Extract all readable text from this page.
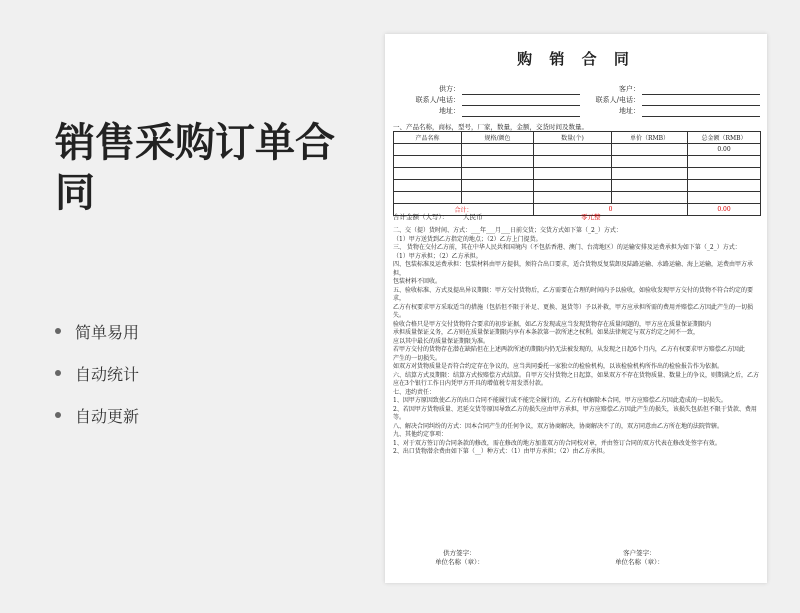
销售采购订单合同
简单易用
自动统计
自动更新
购 销 合 同
供方：
联系人/电话：
地址：
客户：
联系人/电话：
地址：
一、产品名称，商标，型号，厂家，数量，金额，交货时间及数量。
产品名称	规格/颜色	数量(个)	单价（RMB）	总金额（RMB）
				0.00

合计：		0		0.00
合计金额（大写）：	人民币	零元整

二、交（提）货时间、方式：___年___月___日前交货；交货方式如下第（_2_）方式：

（1）甲方送货到乙方指定的地点；（2）乙方上门提货。

三、 货物在交付乙方前，其在中华人民共和国境内（不包括香港、澳门、台湾地区）的运输安排及运费承担为如下第（_2_）方式：

（1）甲方承担；（2）乙方承担。

四、包装标准及运费承担：包装材料由甲方提供，须符合出口要求，适合货物反复装卸及陆路运输、水路运输、海上运输，运费由甲方承担，

包装材料不回收。

五、验收标准、方式及提出异议期限：甲方交付货物后，乙方需要在合理的时间内予以验收，如验收发现甲方交付的货物不符合约定的要求，

乙方有权要求甲方采取适当的措施（包括但不限于补足、更换、退货等）予以补救，甲方应承担所需的费用并赔偿乙方因此产生的一切损失。

验收合格只是甲方交付货物符合要求的初步证据，如乙方发现或应当发现货物存在质量问题的，甲方应在质量保证期限内

承担质量保证义务，乙方则在质量保证期限内享有本条款第一款所述之权利。如果法律规定与双方约定之间不一致，

应以其中最长的质量保证期限为准。

若甲方交付的货物存在潜在缺陷但在上述两款所述的期限内仍无法被发现的，从发现之日起6个月内，乙方有权要求甲方赔偿乙方因此

产生的一切损失。

如双方对货物质量是否符合约定存在争议的，应当共同委托一家独立的检验机构，以该检验机构所作出的检验报告作为依据。

六、结算方式及期限：结算方式按赔偿方式结算。自甲方交付货物之日起算，如果双方不存在货物质量、数量上的争议，则期满之后，乙方

应在3个银行工作日内凭甲方开具的增值税专用发票付款。

七、违约责任：

1、因甲方原因致使乙方的出口合同不能履行或不能完全履行的，乙方有权解除本合同，甲方应赔偿乙方因此造成的一切损失。

2、若因甲方货物质量、迟延交货等原因导致乙方的损失应由甲方承担，甲方应赔偿乙方因此产生的损失，该损失包括但不限于货款、费用等。

八、解决合同纠纷的方式：因本合同产生的任何争议，双方协商解决，协商解决不了的，双方同意由乙方所在地的法院管辖。

九、其他约定事项：

1、对于双方签订的合同条款的修改，需在修改的地方加盖双方的合同校对章，并由签订合同的双方代表在修改处签字有效。

2、出口货物潜余费由如下第（__）种方式：（1）由甲方承担；（2）由乙方承担。

供方签字：
单位名称（章）：
客户签字：
单位名称（章）：
